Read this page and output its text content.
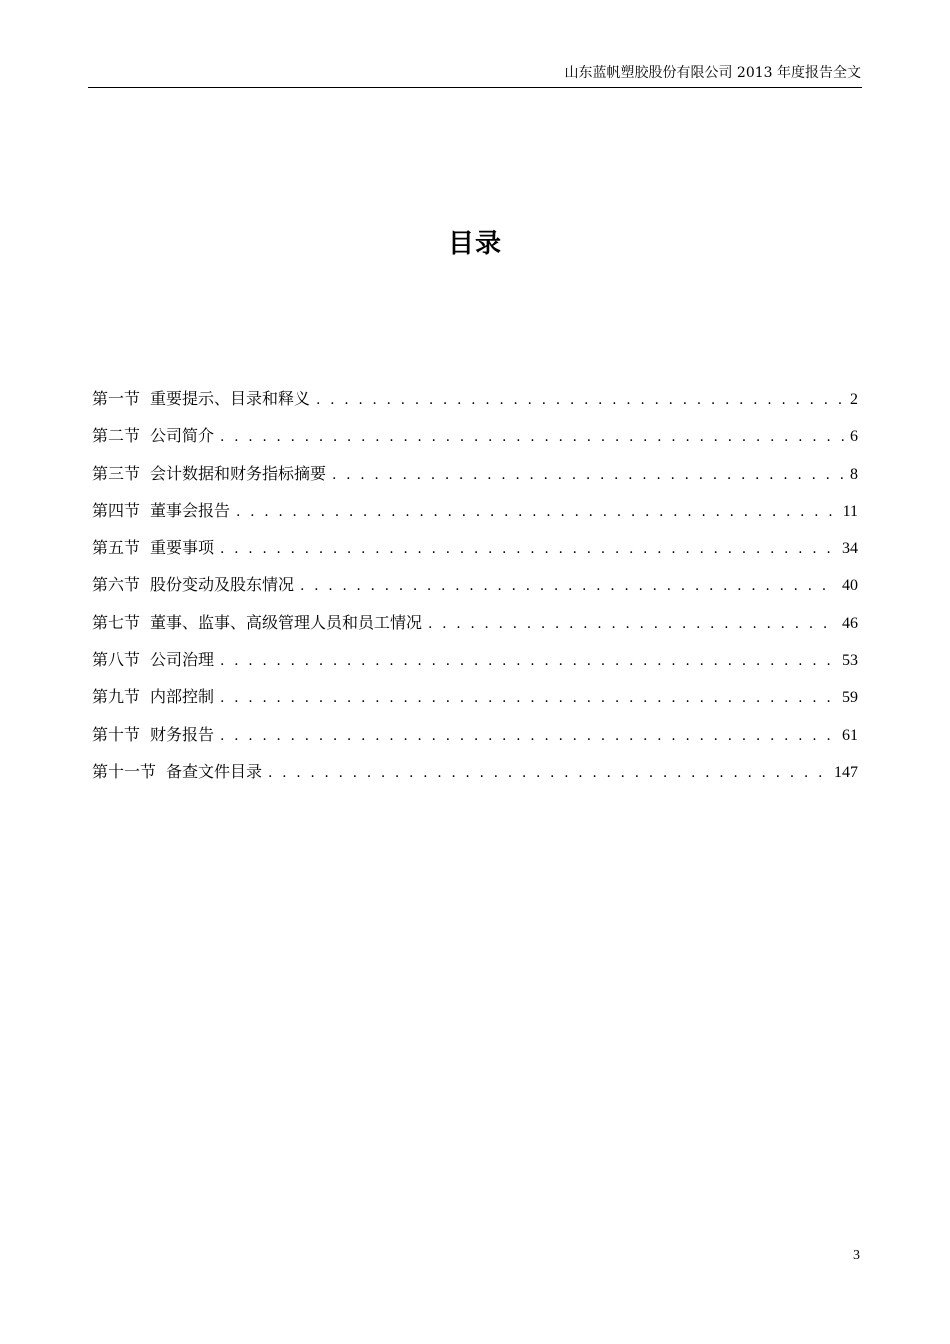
山东蓝帆塑胶股份有限公司 2013 年度报告全文
目录
第一节 重要提示、目录和释义 . . .	2
第二节 公司简介 . . .	6
第三节 会计数据和财务指标摘要 . . .	8
第四节 董事会报告 . . .	11
第五节 重要事项 . . .	34
第六节 股份变动及股东情况 . . .	40
第七节 董事、监事、高级管理人员和员工情况 . . .	46
第八节 公司治理 . . .	53
第九节 内部控制 . . .	59
第十节 财务报告 . . .	61
第十一节 备查文件目录 . . .	147
3
